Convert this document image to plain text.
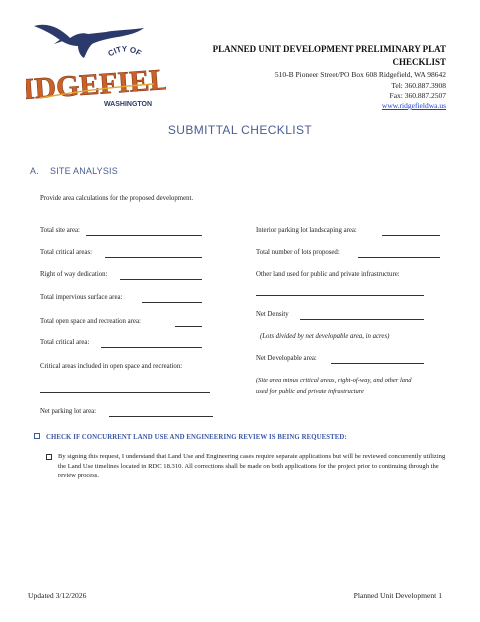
CITY OF
RIDGEFIELD
WASHINGTON
PLANNED UNIT DEVELOPMENT PRELIMINARY PLAT CHECKLIST
510-B Pioneer Street/PO Box 608 Ridgefield, WA 98642
Tel: 360.887.3908
Fax: 360.887.2507
www.ridgefieldwa.us
SUBMITTAL CHECKLIST
A. SITE ANALYSIS
Provide area calculations for the proposed development.
Total site area:
Total critical areas:
Right of way dedication:
Total impervious surface area:
Total open space and recreation area:
Total critical area:
Critical areas included in open space and recreation:
Net parking lot area:
Interior parking lot landscaping area:
Total number of lots proposed:
Other land used for public and private infrastructure:
Net Density
(Lots divided by net developable area, in acres)
Net Developable area:
(Site area minus critical areas, right-of-way, and other land
used for public and private infrastructure
CHECK IF CONCURRENT LAND USE AND ENGINEERING REVIEW IS BEING REQUESTED:
By signing this request, I understand that Land Use and Engineering cases require separate applications but will be reviewed concurrently utilizing the Land Use timelines located in RDC 18.310. All corrections shall be made on both applications for the project prior to continuing through the review process.
Updated 3/12/2026	Planned Unit Development 1
